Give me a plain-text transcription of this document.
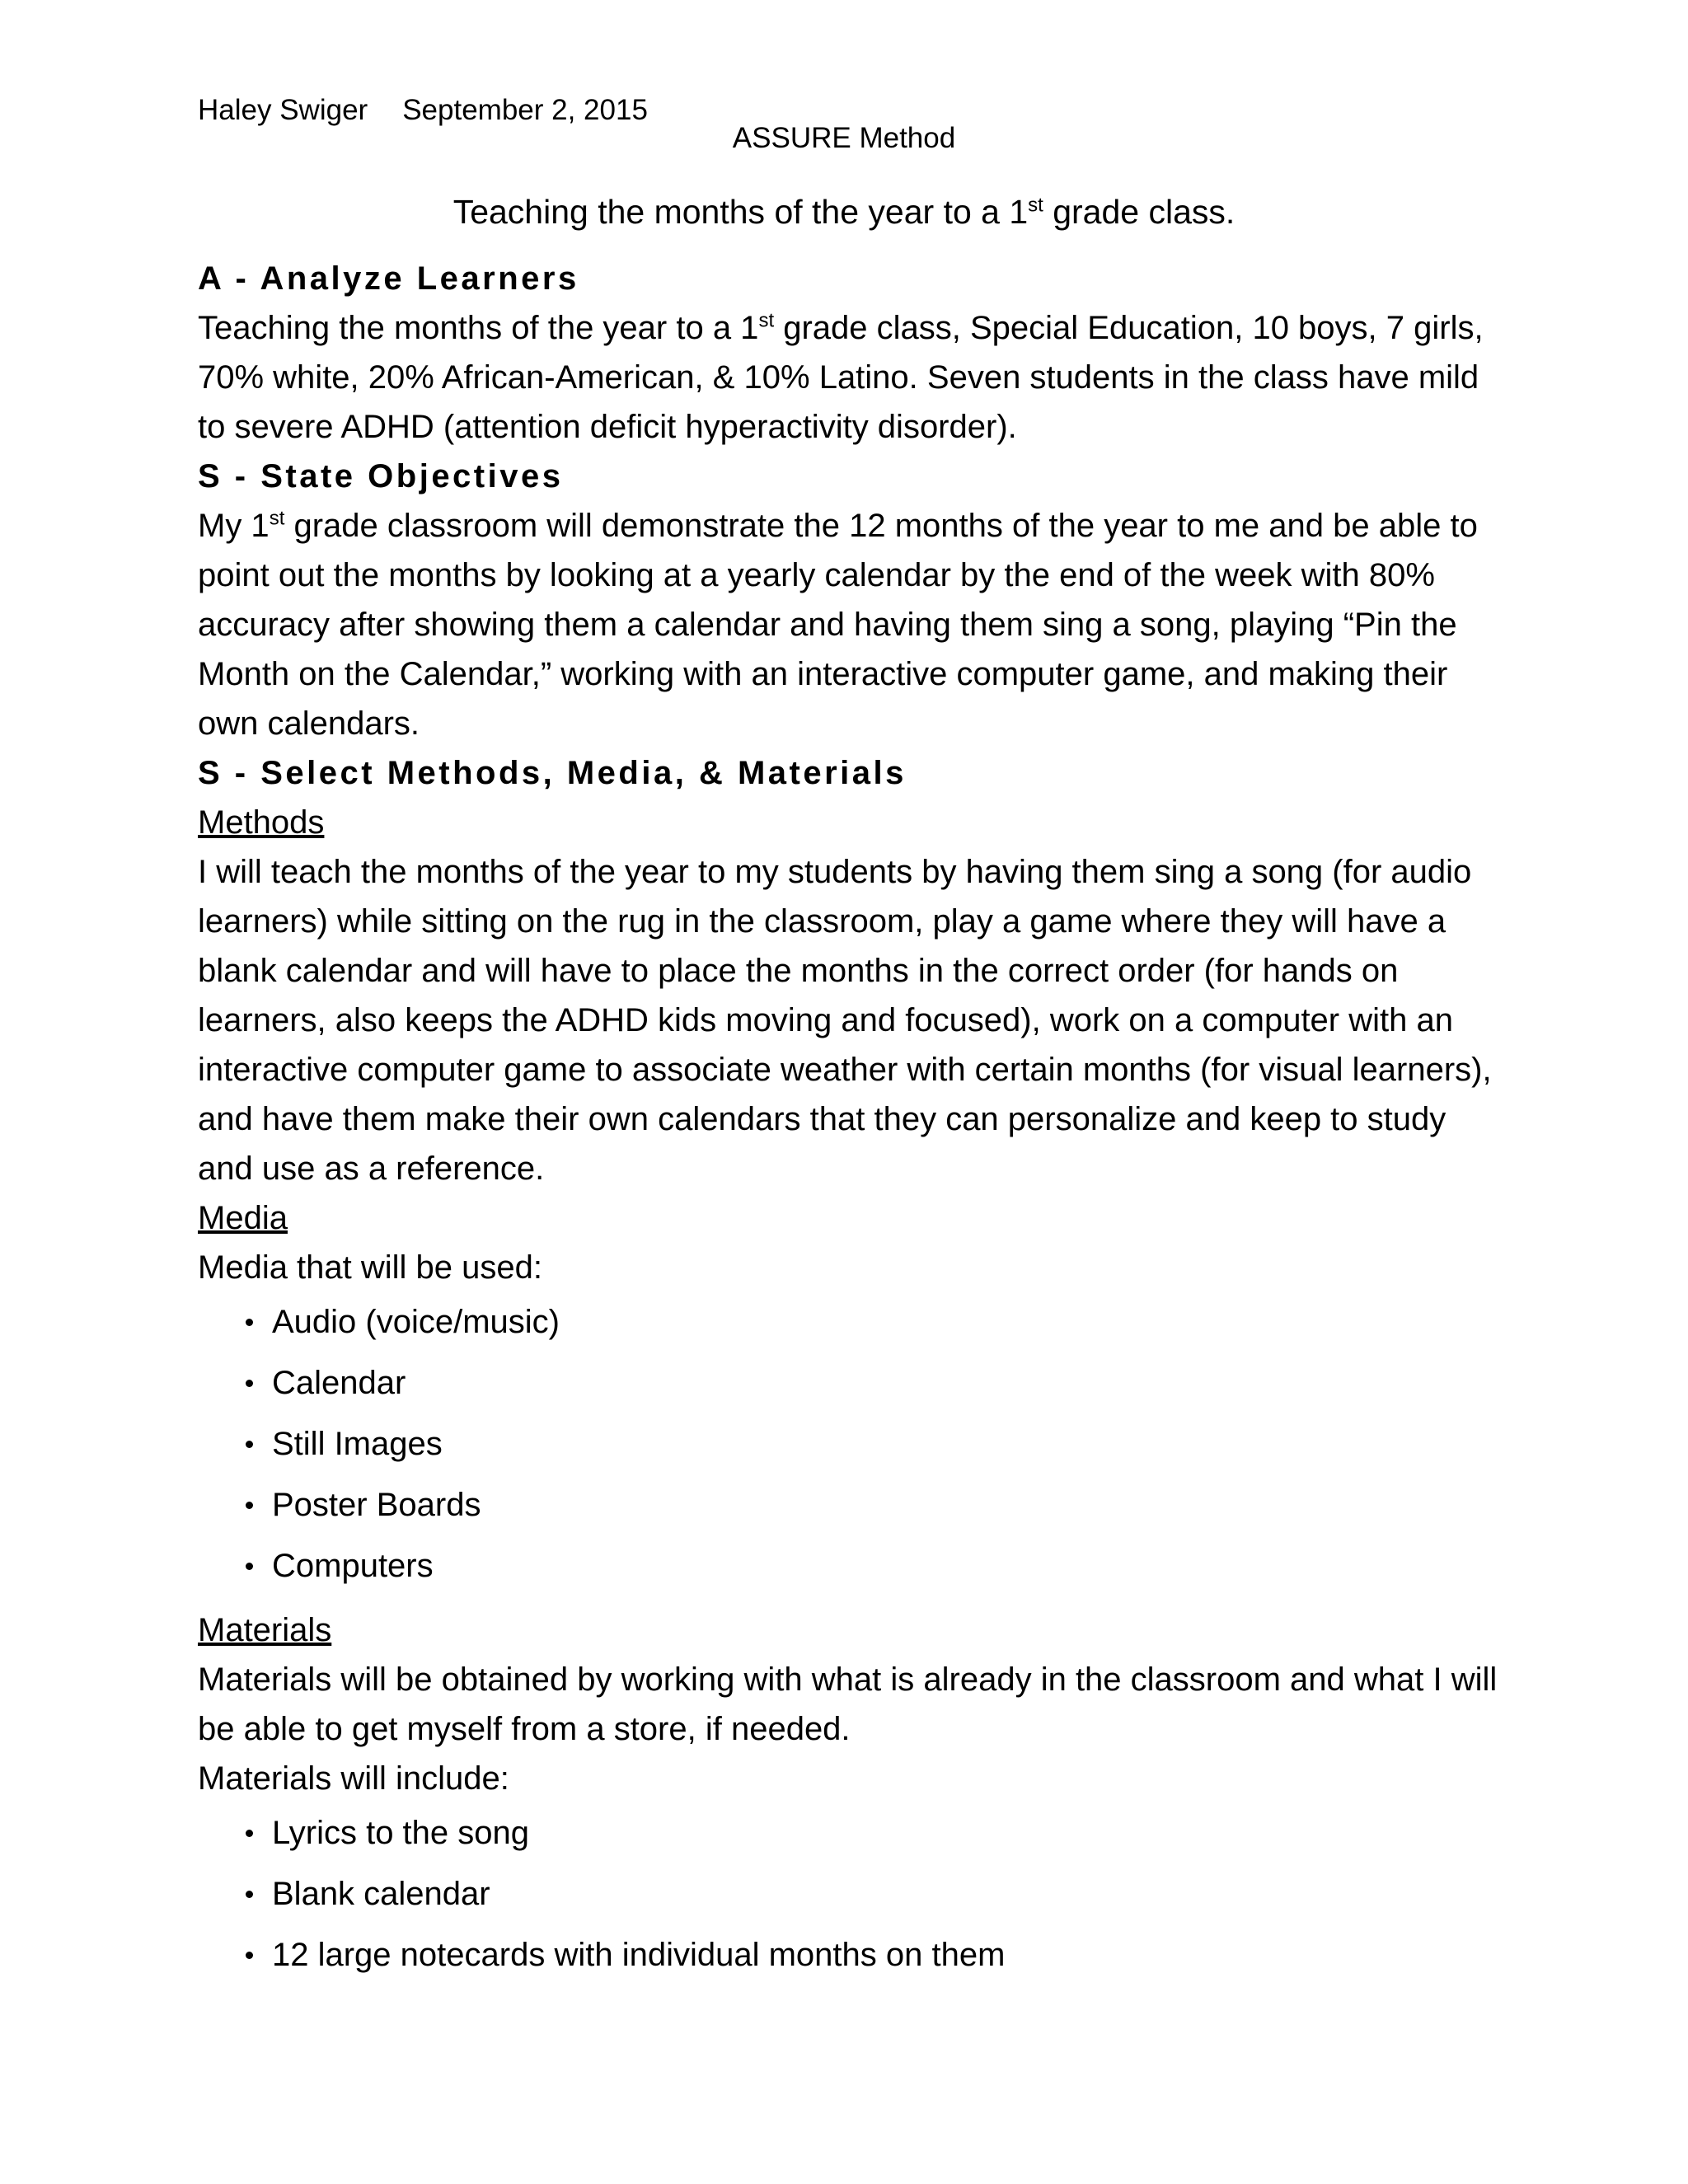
Haley Swiger September 2, 2015
ASSURE Method
Teaching the months of the year to a 1st grade class.
A - Analyze Learners

Teaching the months of the year to a 1st grade class, Special Education, 10 boys, 7 girls, 70% white, 20% African-American, & 10% Latino. Seven students in the class have mild to severe ADHD (attention deficit hyperactivity disorder).

S - State Objectives

My 1st grade classroom will demonstrate the 12 months of the year to me and be able to point out the months by looking at a yearly calendar by the end of the week with 80% accuracy after showing them a calendar and having them sing a song, playing “Pin the Month on the Calendar,” working with an interactive computer game, and making their own calendars.

S - Select Methods, Media, & Materials

Methods

I will teach the months of the year to my students by having them sing a song (for audio learners) while sitting on the rug in the classroom, play a game where they will have a blank calendar and will have to place the months in the correct order (for hands on learners, also keeps the ADHD kids moving and focused), work on a computer with an interactive computer game to associate weather with certain months (for visual learners), and have them make their own calendars that they can personalize and keep to study and use as a reference.

Media

Media that will be used:

Audio (voice/music)
Calendar
Still Images
Poster Boards
Computers

Materials

Materials will be obtained by working with what is already in the classroom and what I will be able to get myself from a store, if needed.

Materials will include:

Lyrics to the song
Blank calendar
12 large notecards with individual months on them
